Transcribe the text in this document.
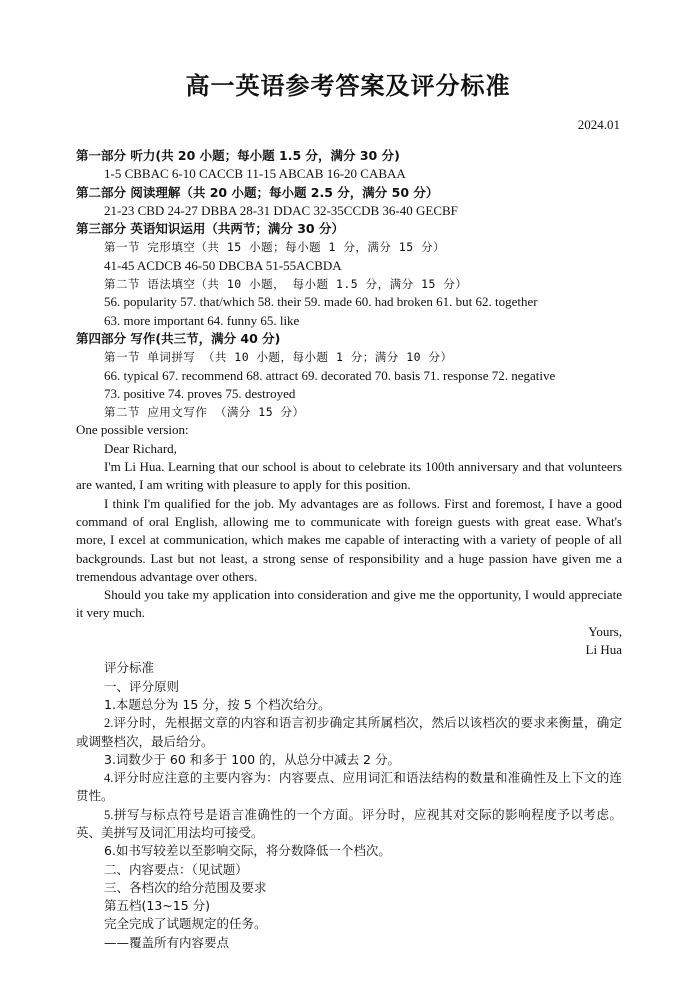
高一英语参考答案及评分标准
2024.01
第一部分 听力(共 20 小题；每小题 1.5 分，满分 30 分)
1-5 CBBAC 6-10 CACCB 11-15 ABCAB 16-20 CABAA
第二部分 阅读理解（共 20 小题；每小题 2.5 分，满分 50 分）
21-23 CBD 24-27 DBBA 28-31 DDAC 32-35CCDB 36-40 GECBF
第三部分 英语知识运用（共两节；满分 30 分）
第一节 完形填空（共 15 小题；每小题 1 分，满分 15 分）
41-45 ACDCB 46-50 DBCBA 51-55ACBDA
第二节 语法填空（共 10 小题， 每小题 1.5 分，满分 15 分）
56. popularity 57. that/which 58. their 59. made 60. had broken 61. but 62. together
63. more important 64. funny 65. like
第四部分 写作(共三节，满分 40 分)
第一节 单词拼写 （共 10 小题，每小题 1 分；满分 10 分）
66. typical 67. recommend 68. attract 69. decorated 70. basis 71. response 72. negative
73. positive 74. proves 75. destroyed
第二节 应用文写作 （满分 15 分）
One possible version:
Dear Richard,
I'm Li Hua. Learning that our school is about to celebrate its 100th anniversary and that volunteers are wanted, I am writing with pleasure to apply for this position.
I think I'm qualified for the job. My advantages are as follows. First and foremost, I have a good command of oral English, allowing me to communicate with foreign guests with great ease. What's more, I excel at communication, which makes me capable of interacting with a variety of people of all backgrounds. Last but not least, a strong sense of responsibility and a huge passion have given me a tremendous advantage over others.
Should you take my application into consideration and give me the opportunity, I would appreciate it very much.
Yours,
Li Hua
评分标准
一、评分原则
1.本题总分为 15 分，按 5 个档次给分。
2.评分时，先根据文章的内容和语言初步确定其所属档次，然后以该档次的要求来衡量，确定或调整档次，最后给分。
3.词数少于 60 和多于 100 的，从总分中减去 2 分。
4.评分时应注意的主要内容为：内容要点、应用词汇和语法结构的数量和准确性及上下文的连贯性。
5.拼写与标点符号是语言准确性的一个方面。评分时，应视其对交际的影响程度予以考虑。英、美拼写及词汇用法均可接受。
6.如书写较差以至影响交际，将分数降低一个档次。
二、内容要点：（见试题）
三、各档次的给分范围及要求
第五档(13~15 分)
完全完成了试题规定的任务。
——覆盖所有内容要点
